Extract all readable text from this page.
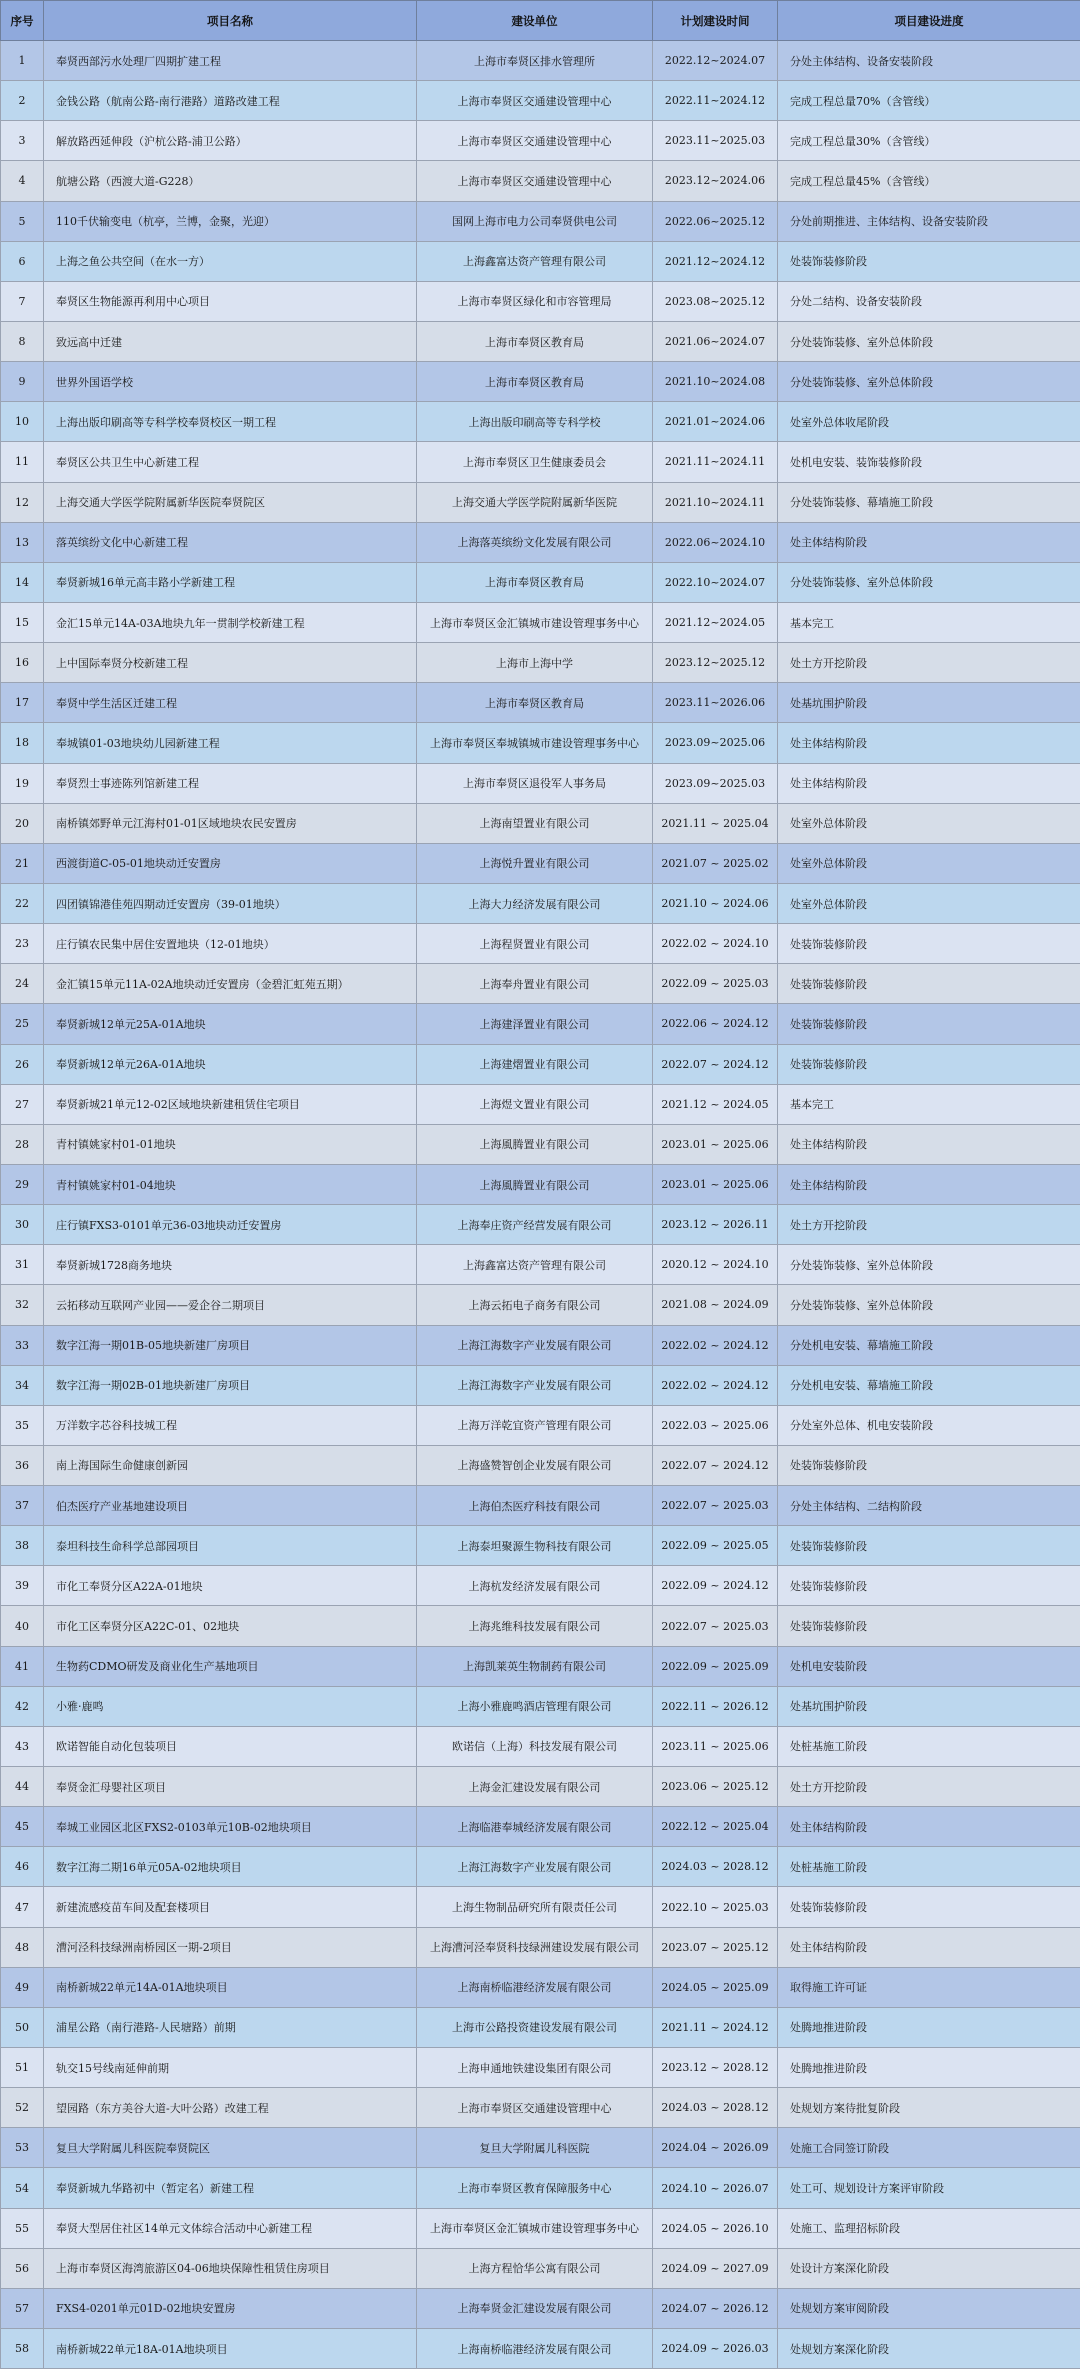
序号	项目名称	建设单位	计划建设时间	项目建设进度
1	奉贤西部污水处理厂四期扩建工程	上海市奉贤区排水管理所	2022.12~2024.07	分处主体结构、设备安装阶段
2	金钱公路（航南公路-南行港路）道路改建工程	上海市奉贤区交通建设管理中心	2022.11~2024.12	完成工程总量70%（含管线）
3	解放路西延伸段（沪杭公路-浦卫公路）	上海市奉贤区交通建设管理中心	2023.11~2025.03	完成工程总量30%（含管线）
4	航塘公路（西渡大道-G228）	上海市奉贤区交通建设管理中心	2023.12~2024.06	完成工程总量45%（含管线）
5	110千伏输变电（杭亭，兰博，金聚，光迎）	国网上海市电力公司奉贤供电公司	2022.06~2025.12	分处前期推进、主体结构、设备安装阶段
6	上海之鱼公共空间（在水一方）	上海鑫富达资产管理有限公司	2021.12~2024.12	处装饰装修阶段
7	奉贤区生物能源再利用中心项目	上海市奉贤区绿化和市容管理局	2023.08~2025.12	分处二结构、设备安装阶段
8	致远高中迁建	上海市奉贤区教育局	2021.06~2024.07	分处装饰装修、室外总体阶段
9	世界外国语学校	上海市奉贤区教育局	2021.10~2024.08	分处装饰装修、室外总体阶段
10	上海出版印刷高等专科学校奉贤校区一期工程	上海出版印刷高等专科学校	2021.01~2024.06	处室外总体收尾阶段
11	奉贤区公共卫生中心新建工程	上海市奉贤区卫生健康委员会	2021.11~2024.11	处机电安装、装饰装修阶段
12	上海交通大学医学院附属新华医院奉贤院区	上海交通大学医学院附属新华医院	2021.10~2024.11	分处装饰装修、幕墙施工阶段
13	落英缤纷文化中心新建工程	上海落英缤纷文化发展有限公司	2022.06~2024.10	处主体结构阶段
14	奉贤新城16单元高丰路小学新建工程	上海市奉贤区教育局	2022.10~2024.07	分处装饰装修、室外总体阶段
15	金汇15单元14A-03A地块九年一贯制学校新建工程	上海市奉贤区金汇镇城市建设管理事务中心	2021.12~2024.05	基本完工
16	上中国际奉贤分校新建工程	上海市上海中学	2023.12~2025.12	处土方开挖阶段
17	奉贤中学生活区迁建工程	上海市奉贤区教育局	2023.11~2026.06	处基坑围护阶段
18	奉城镇01-03地块幼儿园新建工程	上海市奉贤区奉城镇城市建设管理事务中心	2023.09~2025.06	处主体结构阶段
19	奉贤烈士事迹陈列馆新建工程	上海市奉贤区退役军人事务局	2023.09~2025.03	处主体结构阶段
20	南桥镇郊野单元江海村01-01区域地块农民安置房	上海南望置业有限公司	2021.11 ~ 2025.04	处室外总体阶段
21	西渡街道C-05-01地块动迁安置房	上海悦升置业有限公司	2021.07 ~ 2025.02	处室外总体阶段
22	四团镇锦港佳苑四期动迁安置房（39-01地块）	上海大力经济发展有限公司	2021.10 ~ 2024.06	处室外总体阶段
23	庄行镇农民集中居住安置地块（12-01地块）	上海程贤置业有限公司	2022.02 ~ 2024.10	处装饰装修阶段
24	金汇镇15单元11A-02A地块动迁安置房（金碧汇虹苑五期）	上海奉舟置业有限公司	2022.09 ~ 2025.03	处装饰装修阶段
25	奉贤新城12单元25A-01A地块	上海建泽置业有限公司	2022.06 ~ 2024.12	处装饰装修阶段
26	奉贤新城12单元26A-01A地块	上海建熠置业有限公司	2022.07 ~ 2024.12	处装饰装修阶段
27	奉贤新城21单元12-02区域地块新建租赁住宅项目	上海煜文置业有限公司	2021.12 ~ 2024.05	基本完工
28	青村镇姚家村01-01地块	上海風腾置业有限公司	2023.01 ~ 2025.06	处主体结构阶段
29	青村镇姚家村01-04地块	上海風腾置业有限公司	2023.01 ~ 2025.06	处主体结构阶段
30	庄行镇FXS3-0101单元36-03地块动迁安置房	上海奉庄资产经营发展有限公司	2023.12 ~ 2026.11	处土方开挖阶段
31	奉贤新城1728商务地块	上海鑫富达资产管理有限公司	2020.12 ~ 2024.10	分处装饰装修、室外总体阶段
32	云拓移动互联网产业园——爱企谷二期项目	上海云拓电子商务有限公司	2021.08 ~ 2024.09	分处装饰装修、室外总体阶段
33	数字江海一期01B-05地块新建厂房项目	上海江海数字产业发展有限公司	2022.02 ~ 2024.12	分处机电安装、幕墙施工阶段
34	数字江海一期02B-01地块新建厂房项目	上海江海数字产业发展有限公司	2022.02 ~ 2024.12	分处机电安装、幕墙施工阶段
35	万洋数字芯谷科技城工程	上海万洋乾宜资产管理有限公司	2022.03 ~ 2025.06	分处室外总体、机电安装阶段
36	南上海国际生命健康创新园	上海盛赞智创企业发展有限公司	2022.07 ~ 2024.12	处装饰装修阶段
37	伯杰医疗产业基地建设项目	上海伯杰医疗科技有限公司	2022.07 ~ 2025.03	分处主体结构、二结构阶段
38	泰坦科技生命科学总部园项目	上海泰坦聚源生物科技有限公司	2022.09 ~ 2025.05	处装饰装修阶段
39	市化工奉贤分区A22A-01地块	上海杭发经济发展有限公司	2022.09 ~ 2024.12	处装饰装修阶段
40	市化工区奉贤分区A22C-01、02地块	上海兆维科技发展有限公司	2022.07 ~ 2025.03	处装饰装修阶段
41	生物药CDMO研发及商业化生产基地项目	上海凯莱英生物制药有限公司	2022.09 ~ 2025.09	处机电安装阶段
42	小雅·鹿鸣	上海小雅鹿鸣酒店管理有限公司	2022.11 ~ 2026.12	处基坑围护阶段
43	欧诺智能自动化包装项目	欧诺信（上海）科技发展有限公司	2023.11 ~ 2025.06	处桩基施工阶段
44	奉贤金汇母婴社区项目	上海金汇建设发展有限公司	2023.06 ~ 2025.12	处土方开挖阶段
45	奉城工业园区北区FXS2-0103单元10B-02地块项目	上海临港奉城经济发展有限公司	2022.12 ~ 2025.04	处主体结构阶段
46	数字江海二期16单元05A-02地块项目	上海江海数字产业发展有限公司	2024.03 ~ 2028.12	处桩基施工阶段
47	新建流感疫苗车间及配套楼项目	上海生物制品研究所有限责任公司	2022.10 ~ 2025.03	处装饰装修阶段
48	漕河泾科技绿洲南桥园区一期-2项目	上海漕河泾奉贤科技绿洲建设发展有限公司	2023.07 ~ 2025.12	处主体结构阶段
49	南桥新城22单元14A-01A地块项目	上海南桥临港经济发展有限公司	2024.05 ~ 2025.09	取得施工许可证
50	浦星公路（南行港路-人民塘路）前期	上海市公路投资建设发展有限公司	2021.11 ~ 2024.12	处腾地推进阶段
51	轨交15号线南延伸前期	上海申通地铁建设集团有限公司	2023.12 ~ 2028.12	处腾地推进阶段
52	望园路（东方美谷大道-大叶公路）改建工程	上海市奉贤区交通建设管理中心	2024.03 ~ 2028.12	处规划方案待批复阶段
53	复旦大学附属儿科医院奉贤院区	复旦大学附属儿科医院	2024.04 ~ 2026.09	处施工合同签订阶段
54	奉贤新城九华路初中（暂定名）新建工程	上海市奉贤区教育保障服务中心	2024.10 ~ 2026.07	处工可、规划设计方案评审阶段
55	奉贤大型居住社区14单元文体综合活动中心新建工程	上海市奉贤区金汇镇城市建设管理事务中心	2024.05 ~ 2026.10	处施工、监理招标阶段
56	上海市奉贤区海湾旅游区04-06地块保障性租赁住房项目	上海方程恰华公寓有限公司	2024.09 ~ 2027.09	处设计方案深化阶段
57	FXS4-0201单元01D-02地块安置房	上海奉贤金汇建设发展有限公司	2024.07 ~ 2026.12	处规划方案审阅阶段
58	南桥新城22单元18A-01A地块项目	上海南桥临港经济发展有限公司	2024.09 ~ 2026.03	处规划方案深化阶段
